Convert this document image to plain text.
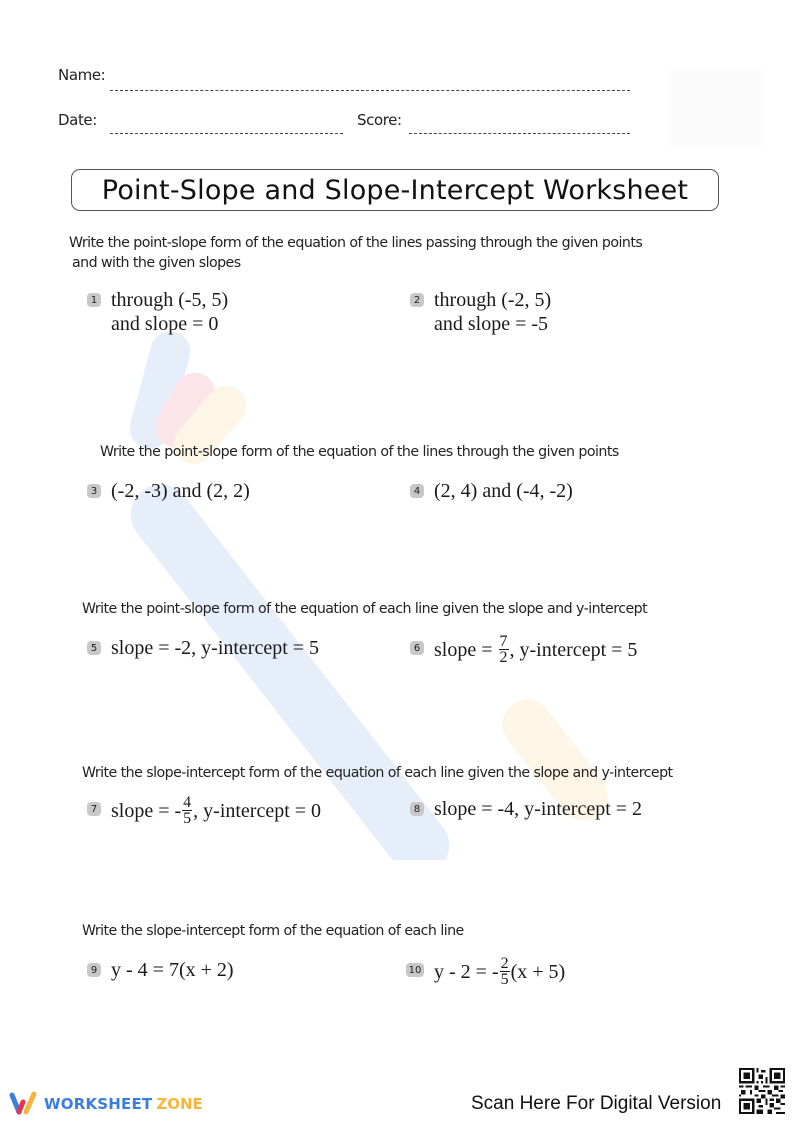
Name:
Date:	Score:
Point-Slope and Slope-Intercept Worksheet
Write the point-slope form of the equation of the lines passing through the given points
and with the given slopes
1 through (-5, 5)
and slope = 0
2 through (-2, 5)
and slope = -5
Write the point-slope form of the equation of the lines through the given points
3 (-2, -3) and (2, 2)	4 (2, 4) and (-4, -2)
Write the point-slope form of the equation of each line given the slope and y-intercept
5 slope = -2, y-intercept = 5	6 slope = $\frac{7}{2}$ , y-intercept = 5
Write the slope-intercept form of the equation of each line given the slope and y-intercept
7 slope = - $\frac{4}{5}$ , y-intercept = 0	8 slope = -4, y-intercept = 2
Write the slope-intercept form of the equation of each line
9 y - 4 = 7(x + 2)	10 y - 2 = - $\frac{2}{5} (x + 5)$
WORKSHEET ZONE	Scan Here For Digital Version
